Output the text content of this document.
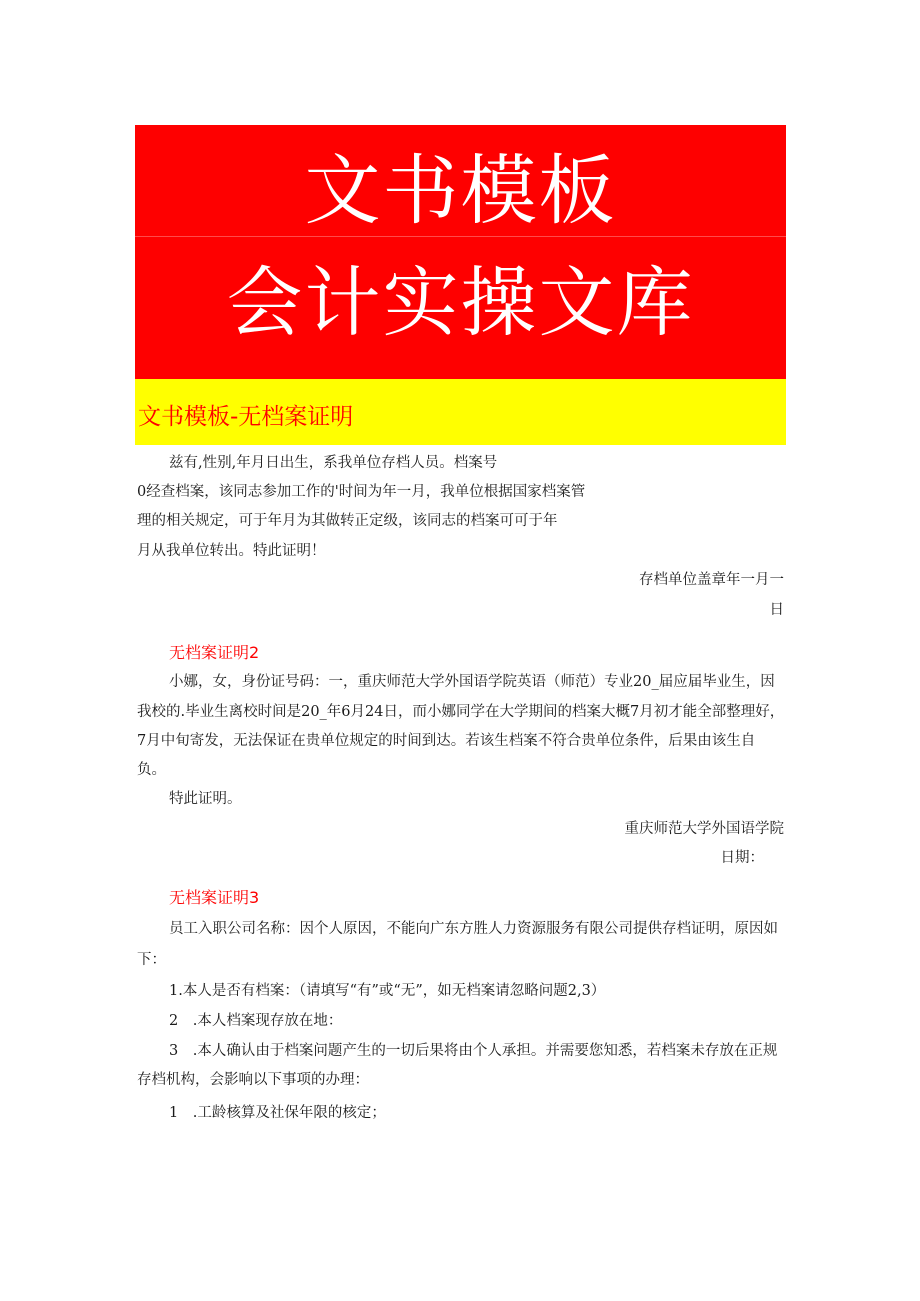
文书模板
会计实操文库
文书模板-无档案证明
兹有,性别,年月日出生，系我单位存档人员。档案号
0经查档案，该同志参加工作的'时间为年一月，我单位根据国家档案管
理的相关规定，可于年月为其做转正定级，该同志的档案可可于年
月从我单位转出。特此证明！
存档单位盖章年一月一
日
无档案证明2
小娜，女，身份证号码：一，重庆师范大学外国语学院英语（师范）专业20_届应届毕业生，因
我校的.毕业生离校时间是20_年6月24日，而小娜同学在大学期间的档案大概7月初才能全部整理好，
7月中旬寄发，无法保证在贵单位规定的时间到达。若该生档案不符合贵单位条件，后果由该生自
负。
特此证明。
重庆师范大学外国语学院
日期：
无档案证明3
员工入职公司名称：因个人原因，不能向广东方胜人力资源服务有限公司提供存档证明，原因如
下：
1.本人是否有档案：（请填写“有”或“无”，如无档案请忽略问题2,3）
2　.本人档案现存放在地：
3　.本人确认由于档案问题产生的一切后果将由个人承担。并需要您知悉，若档案未存放在正规
存档机构，会影响以下事项的办理：
1　.工龄核算及社保年限的核定；
